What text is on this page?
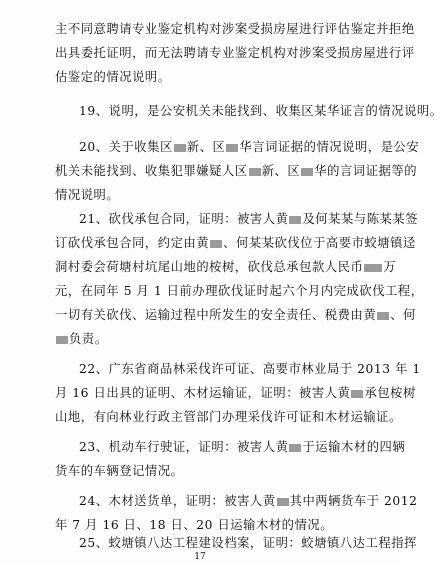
主不同意聘请专业鉴定机构对涉案受损房屋进行评估鉴定并拒绝
出具委托证明，而无法聘请专业鉴定机构对涉案受损房屋进行评
估鉴定的情况说明。
19、说明，是公安机关未能找到、收集区某华证言的情况说明。
20、关于收集区 新、区 华言词证据的情况说明，是公安
机关未能找到、收集犯罪嫌疑人区 新、区 华的言词证据等的
情况说明。
21、砍伐承包合同，证明：被害人黄 及何某某与陈某某签
订砍伐承包合同，约定由黄 、何某某砍伐位于高要市蛟塘镇迳
洞村委会荷塘村坑尾山地的桉树，砍伐总承包款人民币 万
元，在同年 5 月 1 日前办理砍伐证时起六个月内完成砍伐工程，
一切有关砍伐、运输过程中所发生的安全责任、税费由黄 、何
负责。
22、广东省商品林采伐许可证、高要市林业局于 2013 年 1
月 16 日出具的证明、木材运输证，证明：被害人黄 承包桉树
山地，有向林业行政主管部门办理采伐许可证和木材运输证。
23、机动车行驶证，证明：被害人黄 于运输木材的四辆
货车的车辆登记情况。
24、木材送货单，证明：被害人黄 其中两辆货车于 2012
年 7 月 16 日、18 日、20 日运输木材的情况。
25、蛟塘镇八达工程建设档案，证明：蛟塘镇八达工程指挥
17
